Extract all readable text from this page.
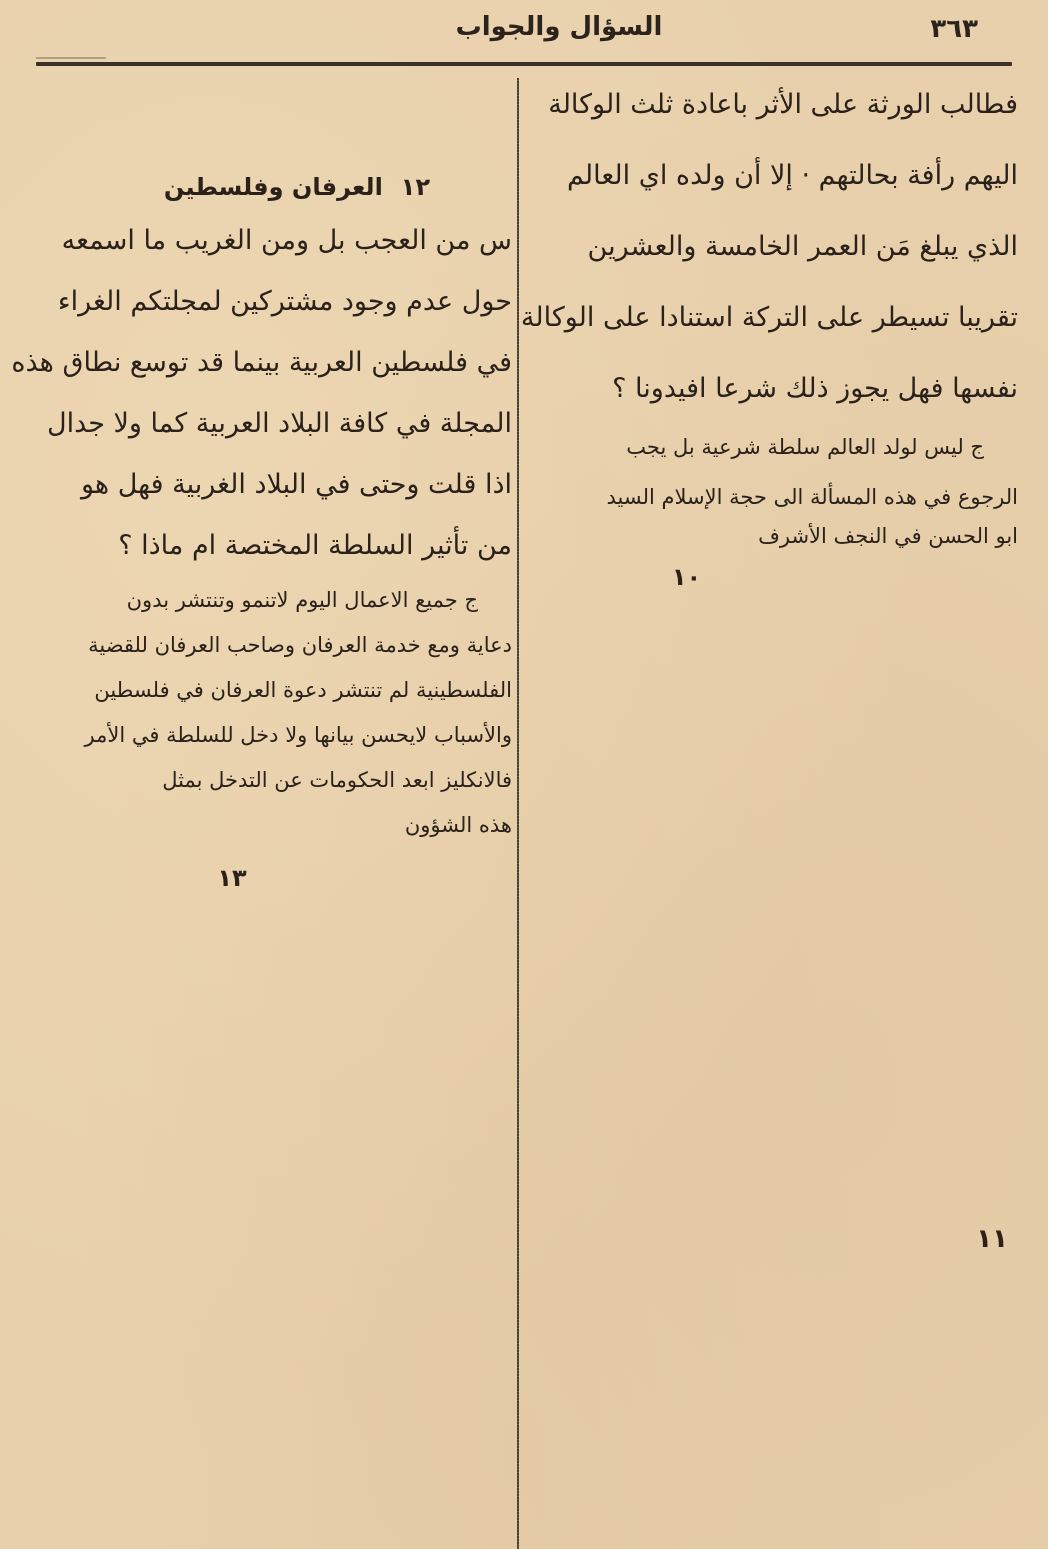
٣٦٣
السؤال والجواب
فطالب الورثة على الأثر باعادة ثلث الوكالة
اليهم رأفة بحالتهم · إلا أن ولده اي العالم
الذي يبلغ مَن العمر الخامسة والعشرين
تقريبا تسيطر على التركة استنادا على الوكالة
نفسها فهل يجوز ذلك شرعا افيدونا ؟
ج ليس لولد العالم سلطة شرعية بل يجب
الرجوع في هذه المسألة الى حجة الإسلام السيد
ابو الحسن في النجف الأشرف
١٠
١٢العرفان وفلسطين
س من العجب بل ومن الغريب ما اسمعه
حول عدم وجود مشتركين لمجلتكم الغراء
في فلسطين العربية بينما قد توسع نطاق هذه
المجلة في كافة البلاد العربية كما ولا جدال
اذا قلت وحتى في البلاد الغربية فهل هو
من تأثير السلطة المختصة ام ماذا ؟
ج جميع الاعمال اليوم لاتنمو وتنتشر بدون
دعاية ومع خدمة العرفان وصاحب العرفان للقضية
الفلسطينية لم تنتشر دعوة العرفان في فلسطين
والأسباب لايحسن بيانها ولا دخل للسلطة في الأمر
فالانكليز ابعد الحكومات عن التدخل بمثل
هذه الشؤون
١٣
١١
